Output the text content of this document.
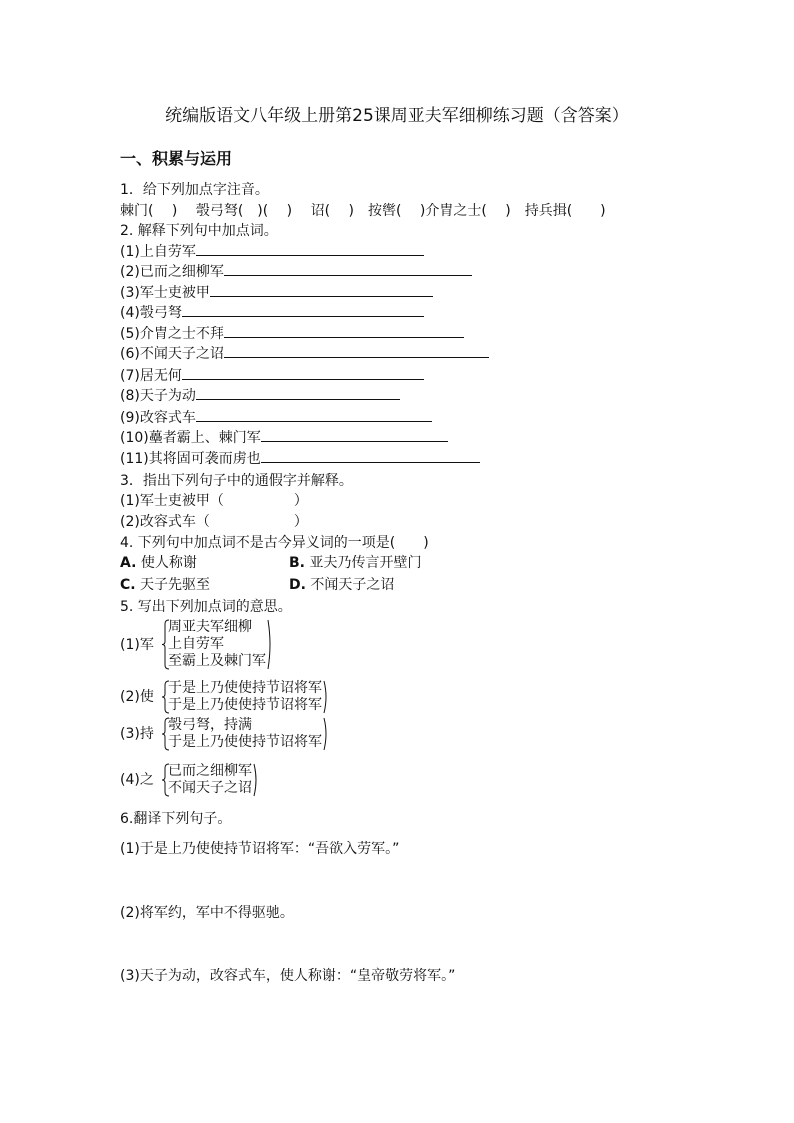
统编版语文八年级上册第25课周亚夫军细柳练习题（含答案）
一、积累与运用
1．给下列加点字注音。
棘门(　 )　 彀弓弩(　)(　 )　 诏(　 )　按辔(　 )介胄之士(　 )　持兵揖(　　)
2. 解释下列句中加点词。
(1)上自劳军
(2)已而之细柳军
(3)军士吏被甲
(4)彀弓弩
(5)介胄之士不拜
(6)不闻天子之诏
(7)居无何
(8)天子为动
(9)改容式车
(10)蘲者霸上、棘门军
(11)其将固可袭而虏也
3．指出下列句子中的通假字并解释。
(1)军士吏被甲（　　　　　）
(2)改容式车（　　　　　　）
4. 下列句中加点词不是古今异义词的一项是(　　)
A. 使人称谢	B. 亚夫乃传言开壁门
C. 天子先驱至	D. 不闻天子之诏
5. 写出下列加点词的意思。
(1)军
周亚夫军细柳
上自劳军
至霸上及棘门军
(2)使
于是上乃使使持节诏将军
于是上乃使使持节诏将军
(3)持
彀弓弩，持满
于是上乃使使持节诏将军
(4)之
已而之细柳军
不闻天子之诏
6.翻译下列句子。
(1)于是上乃使使持节诏将军：“吾欲入劳军。”
(2)将军约，军中不得驱驰。
(3)天子为动，改容式车，使人称谢：“皇帝敬劳将军。”
